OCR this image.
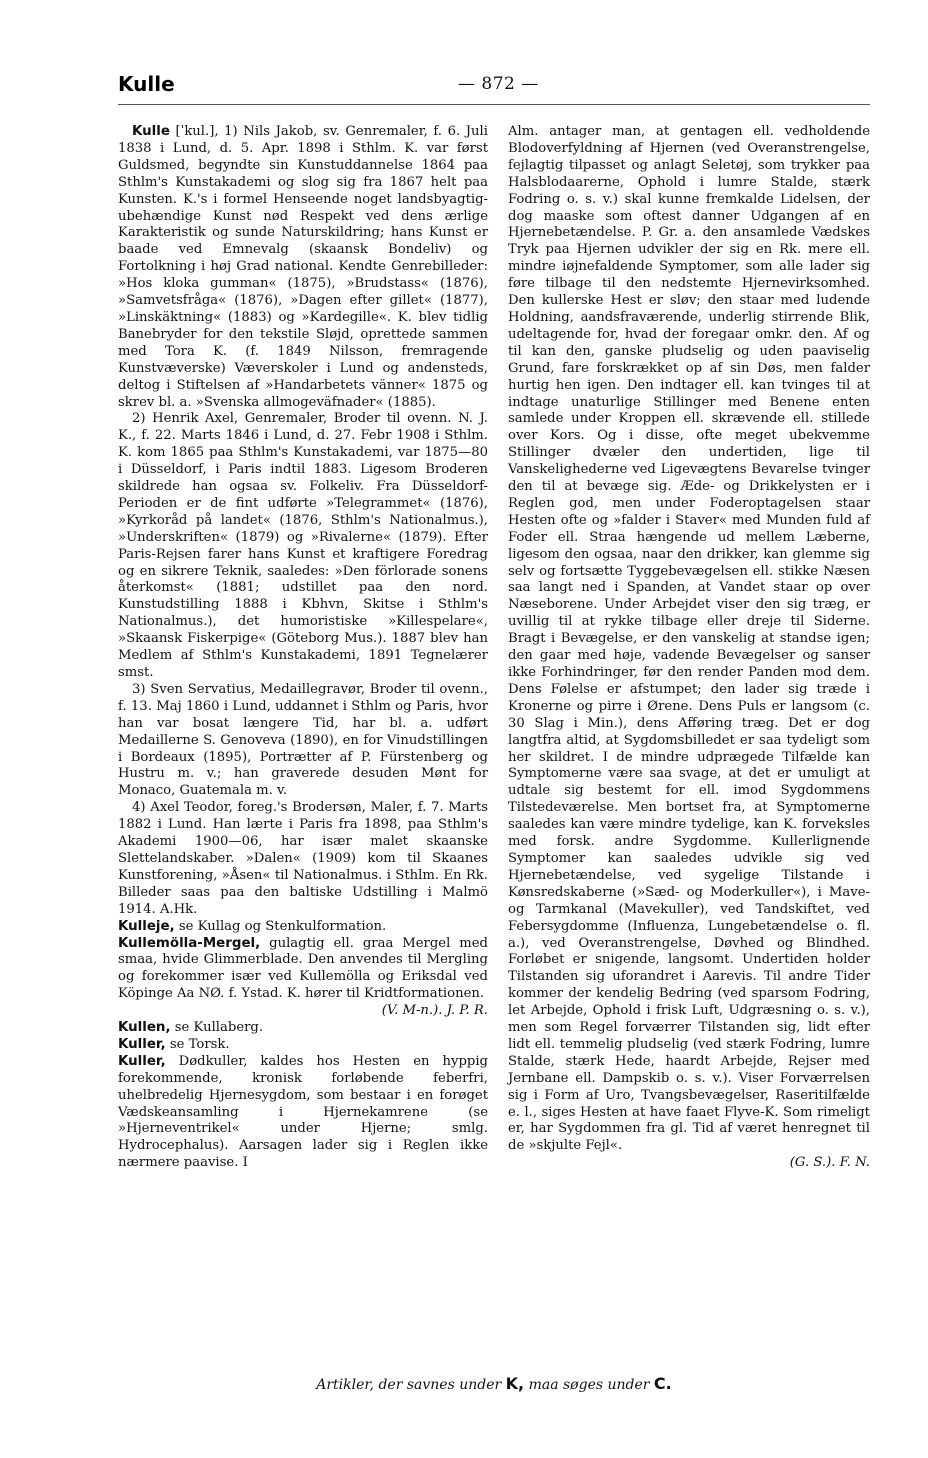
Kulle	— 872 —

Kulle [ˈkul.], 1) Nils Jakob, sv. Genremaler, f. 6. Juli 1838 i Lund, d. 5. Apr. 1898 i Sthlm. K. var først Guldsmed, begyndte sin Kunstuddannelse 1864 paa Sthlm's Kunstakademi og slog sig fra 1867 helt paa Kunsten. K.'s i formel Henseende noget landsbyagtig-ubehændige Kunst nød Respekt ved dens ærlige Karakteristik og sunde Naturskildring; hans Kunst er baade ved Emnevalg (skaansk Bondeliv) og Fortolkning i høj Grad national. Kendte Genrebilleder: »Hos kloka gumman« (1875), »Brudstass« (1876), »Samvetsfråga« (1876), »Dagen efter gillet« (1877), »Linskäktning« (1883) og »Kardegille«. K. blev tidlig Banebryder for den tekstile Sløjd, oprettede sammen med Tora K. (f. 1849 Nilsson, fremragende Kunstvæverske) Væverskoler i Lund og andensteds, deltog i Stiftelsen af »Handarbetets vänner« 1875 og skrev bl. a. »Svenska allmogeväfnader« (1885).

2) Henrik Axel, Genremaler, Broder til ovenn. N. J. K., f. 22. Marts 1846 i Lund, d. 27. Febr 1908 i Sthlm. K. kom 1865 paa Sthlm's Kunstakademi, var 1875—80 i Düsseldorf, i Paris indtil 1883. Ligesom Broderen skildrede han ogsaa sv. Folkeliv. Fra Düsseldorf-Perioden er de fint udførte »Telegrammet« (1876), »Kyrkoråd på landet« (1876, Sthlm's Nationalmus.), »Underskriften« (1879) og »Rivalerne« (1879). Efter Paris-Rejsen farer hans Kunst et kraftigere Foredrag og en sikrere Teknik, saaledes: »Den förlorade sonens återkomst« (1881; udstillet paa den nord. Kunstudstilling 1888 i Kbhvn, Skitse i Sthlm's Nationalmus.), det humoristiske »Killespelare«, »Skaansk Fiskerpige« (Göteborg Mus.). 1887 blev han Medlem af Sthlm's Kunstakademi, 1891 Tegnelærer smst.

3) Sven Servatius, Medaillegravør, Broder til ovenn., f. 13. Maj 1860 i Lund, uddannet i Sthlm og Paris, hvor han var bosat længere Tid, har bl. a. udført Medaillerne S. Genoveva (1890), en for Vinudstillingen i Bordeaux (1895), Portrætter af P. Fürstenberg og Hustru m. v.; han graverede desuden Mønt for Monaco, Guatemala m. v.

4) Axel Teodor, foreg.'s Brodersøn, Maler, f. 7. Marts 1882 i Lund. Han lærte i Paris fra 1898, paa Sthlm's Akademi 1900—06, har især malet skaanske Slettelandskaber. »Dalen« (1909) kom til Skaanes Kunstforening, »Åsen« til Nationalmus. i Sthlm. En Rk. Billeder saas paa den baltiske Udstilling i Malmö 1914. A.Hk.

Kulleje, se Kullag og Stenkulformation.

Kullemölla-Mergel, gulagtig ell. graa Mergel med smaa, hvide Glimmerblade. Den anvendes til Mergling og forekommer især ved Kullemölla og Eriksdal ved Köpinge Aa NØ. f. Ystad. K. hører til Kridtformationen.

(V. M-n.). J. P. R.

Kullen, se Kullaberg.

Kuller, se Torsk.

Kuller, Dødkuller, kaldes hos Hesten en hyppig forekommende, kronisk forløbende feberfri, uhelbredelig Hjernesygdom, som bestaar i en forøget Vædskeansamling i Hjernekamrene (se »Hjerneventrikel« under Hjerne; smlg. Hydrocephalus). Aarsagen lader sig i Reglen ikke nærmere paavise. I

Alm. antager man, at gentagen ell. vedholdende Blodoverfyldning af Hjernen (ved Overanstrengelse, fejlagtig tilpasset og anlagt Seletøj, som trykker paa Halsblodaarerne, Ophold i lumre Stalde, stærk Fodring o. s. v.) skal kunne fremkalde Lidelsen, der dog maaske som oftest danner Udgangen af en Hjernebetændelse. P. Gr. a. den ansamlede Vædskes Tryk paa Hjernen udvikler der sig en Rk. mere ell. mindre iøjnefaldende Symptomer, som alle lader sig føre tilbage til den nedstemte Hjernevirksomhed. Den kullerske Hest er sløv; den staar med ludende Holdning, aandsfraværende, underlig stirrende Blik, udeltagende for, hvad der foregaar omkr. den. Af og til kan den, ganske pludselig og uden paaviselig Grund, fare forskrækket op af sin Døs, men falder hurtig hen igen. Den indtager ell. kan tvinges til at indtage unaturlige Stillinger med Benene enten samlede under Kroppen ell. skrævende ell. stillede over Kors. Og i disse, ofte meget ubekvemme Stillinger dvæler den undertiden, lige til Vanskelighederne ved Ligevægtens Bevarelse tvinger den til at bevæge sig. Æde- og Drikkelysten er i Reglen god, men under Foderoptagelsen staar Hesten ofte og »falder i Staver« med Munden fuld af Foder ell. Straa hængende ud mellem Læberne, ligesom den ogsaa, naar den drikker, kan glemme sig selv og fortsætte Tyggebevægelsen ell. stikke Næsen saa langt ned i Spanden, at Vandet staar op over Næseborene. Under Arbejdet viser den sig træg, er uvillig til at rykke tilbage eller dreje til Siderne. Bragt i Bevægelse, er den vanskelig at standse igen; den gaar med høje, vadende Bevægelser og sanser ikke Forhindringer, før den render Panden mod dem. Dens Følelse er afstumpet; den lader sig træde i Kronerne og pirre i Ørene. Dens Puls er langsom (c. 30 Slag i Min.), dens Afføring træg. Det er dog langtfra altid, at Sygdomsbilledet er saa tydeligt som her skildret. I de mindre udprægede Tilfælde kan Symptomerne være saa svage, at det er umuligt at udtale sig bestemt for ell. imod Sygdommens Tilstedeværelse. Men bortset fra, at Symptomerne saaledes kan være mindre tydelige, kan K. forveksles med forsk. andre Sygdomme. Kullerlignende Symptomer kan saaledes udvikle sig ved Hjernebetændelse, ved sygelige Tilstande i Kønsredskaberne (»Sæd- og Moderkuller«), i Mave- og Tarmkanal (Mavekuller), ved Tandskiftet, ved Febersygdomme (Influenza, Lungebetændelse o. fl. a.), ved Overanstrengelse, Døvhed og Blindhed. Forløbet er snigende, langsomt. Undertiden holder Tilstanden sig uforandret i Aarevis. Til andre Tider kommer der kendelig Bedring (ved sparsom Fodring, let Arbejde, Ophold i frisk Luft, Udgræsning o. s. v.), men som Regel forværrer Tilstanden sig, lidt efter lidt ell. temmelig pludselig (ved stærk Fodring, lumre Stalde, stærk Hede, haardt Arbejde, Rejser med Jernbane ell. Dampskib o. s. v.). Viser Forværrelsen sig i Form af Uro, Tvangsbevægelser, Raseritilfælde e. l., siges Hesten at have faaet Flyve-K. Som rimeligt er, har Sygdommen fra gl. Tid af været henregnet til de »skjulte Fejl«.

(G. S.). F. N.

Artikler, der savnes under K, maa søges under C.
